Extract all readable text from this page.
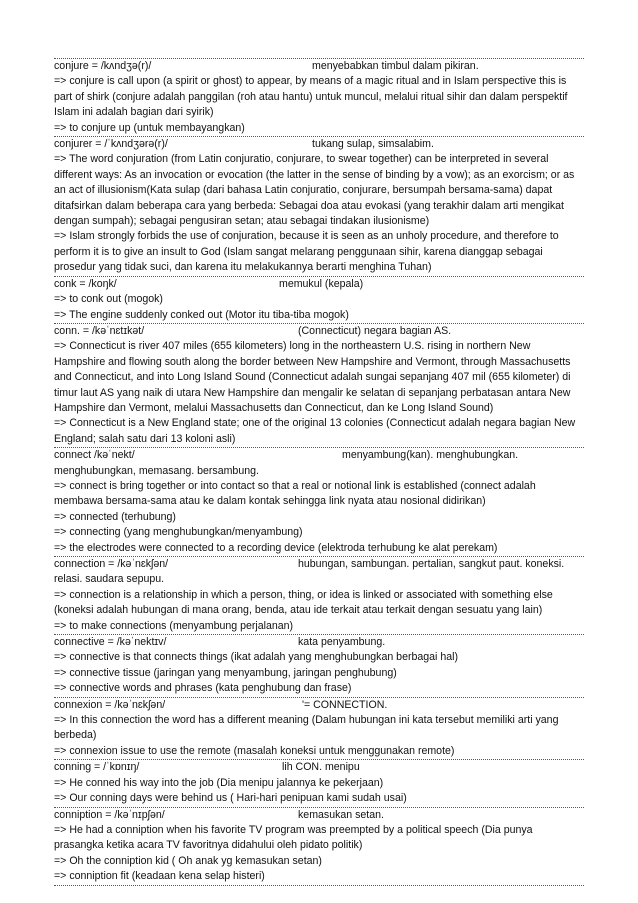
conjure = /kʌndʒə(r)/	menyebabkan timbul dalam pikiran.
=> conjure is call upon (a spirit or ghost) to appear, by means of a magic ritual and in Islam perspective this is part of shirk (conjure adalah panggilan (roh atau hantu) untuk muncul, melalui ritual sihir dan dalam perspektif Islam ini adalah bagian dari syirik)
=> to conjure up (untuk membayangkan)
conjurer = /ˈkʌndʒərə(r)/	tukang sulap, simsalabim.
=> The word conjuration (from Latin conjuratio, conjurare, to swear together) can be interpreted in several different ways: As an invocation or evocation (the latter in the sense of binding by a vow); as an exorcism; or as an act of illusionism(Kata sulap (dari bahasa Latin conjuratio, conjurare, bersumpah bersama-sama) dapat ditafsirkan dalam beberapa cara yang berbeda: Sebagai doa atau evokasi (yang terakhir dalam arti mengikat dengan sumpah); sebagai pengusiran setan; atau sebagai tindakan ilusionisme)
=> Islam strongly forbids the use of conjuration, because it is seen as an unholy procedure, and therefore to perform it is to give an insult to God (Islam sangat melarang penggunaan sihir, karena dianggap sebagai prosedur yang tidak suci, dan karena itu melakukannya berarti menghina Tuhan)
conk = /koŋk/	memukul (kepala)
=> to conk out (mogok)
=> The engine suddenly conked out (Motor itu tiba-tiba mogok)
conn. = /kəˈnɛtɪkət/	(Connecticut) negara bagian AS.
=> Connecticut is river 407 miles (655 kilometers) long in the northeastern U.S. rising in northern New Hampshire and flowing south along the border between New Hampshire and Vermont, through Massachusetts and Connecticut, and into Long Island Sound (Connecticut adalah sungai sepanjang 407 mil (655 kilometer) di timur laut AS yang naik di utara New Hampshire dan mengalir ke selatan di sepanjang perbatasan antara New Hampshire dan Vermont, melalui Massachusetts dan Connecticut, dan ke Long Island Sound)
=> Connecticut is a New England state; one of the original 13 colonies (Connecticut adalah negara bagian New England; salah satu dari 13 koloni asli)
connect /kəˈnekt/	menyambung(kan). menghubungkan.
menghubungkan, memasang. bersambung.
=> connect is bring together or into contact so that a real or notional link is established (connect adalah membawa bersama-sama atau ke dalam kontak sehingga link nyata atau nosional didirikan)
=> connected (terhubung)
=> connecting (yang menghubungkan/menyambung)
=> the electrodes were connected to a recording device (elektroda terhubung ke alat perekam)
connection = /kəˈnɛkʃən/	hubungan, sambungan. pertalian, sangkut paut. koneksi.
relasi. saudara sepupu.
=> connection is a relationship in which a person, thing, or idea is linked or associated with something else (koneksi adalah hubungan di mana orang, benda, atau ide terkait atau terkait dengan sesuatu yang lain)
=> to make connections (menyambung perjalanan)
connective = /kəˈnektɪv/	kata penyambung.
=> connective is that connects things (ikat adalah yang menghubungkan berbagai hal)
=> connective tissue (jaringan yang menyambung, jaringan penghubung)
=> connective words and phrases (kata penghubung dan frase)
connexion = /kəˈnɛkʃən/	'= CONNECTION.
=> In this connection the word has a different meaning (Dalam hubungan ini kata tersebut memiliki arti yang berbeda)
=> connexion issue to use the remote (masalah koneksi untuk menggunakan remote)
conning = /ˈkɒnɪŋ/	lih CON. menipu
=> He conned his way into the job (Dia menipu jalannya ke pekerjaan)
=> Our conning days were behind us ( Hari-hari penipuan kami sudah usai)
conniption = /kəˈnɪpʃən/	kemasukan setan.
=> He had a conniption when his favorite TV program was preempted by a political speech (Dia punya prasangka ketika acara TV favoritnya didahului oleh pidato politik)
=> Oh the conniption kid ( Oh anak yg kemasukan setan)
=> conniption fit (keadaan kena selap histeri)
